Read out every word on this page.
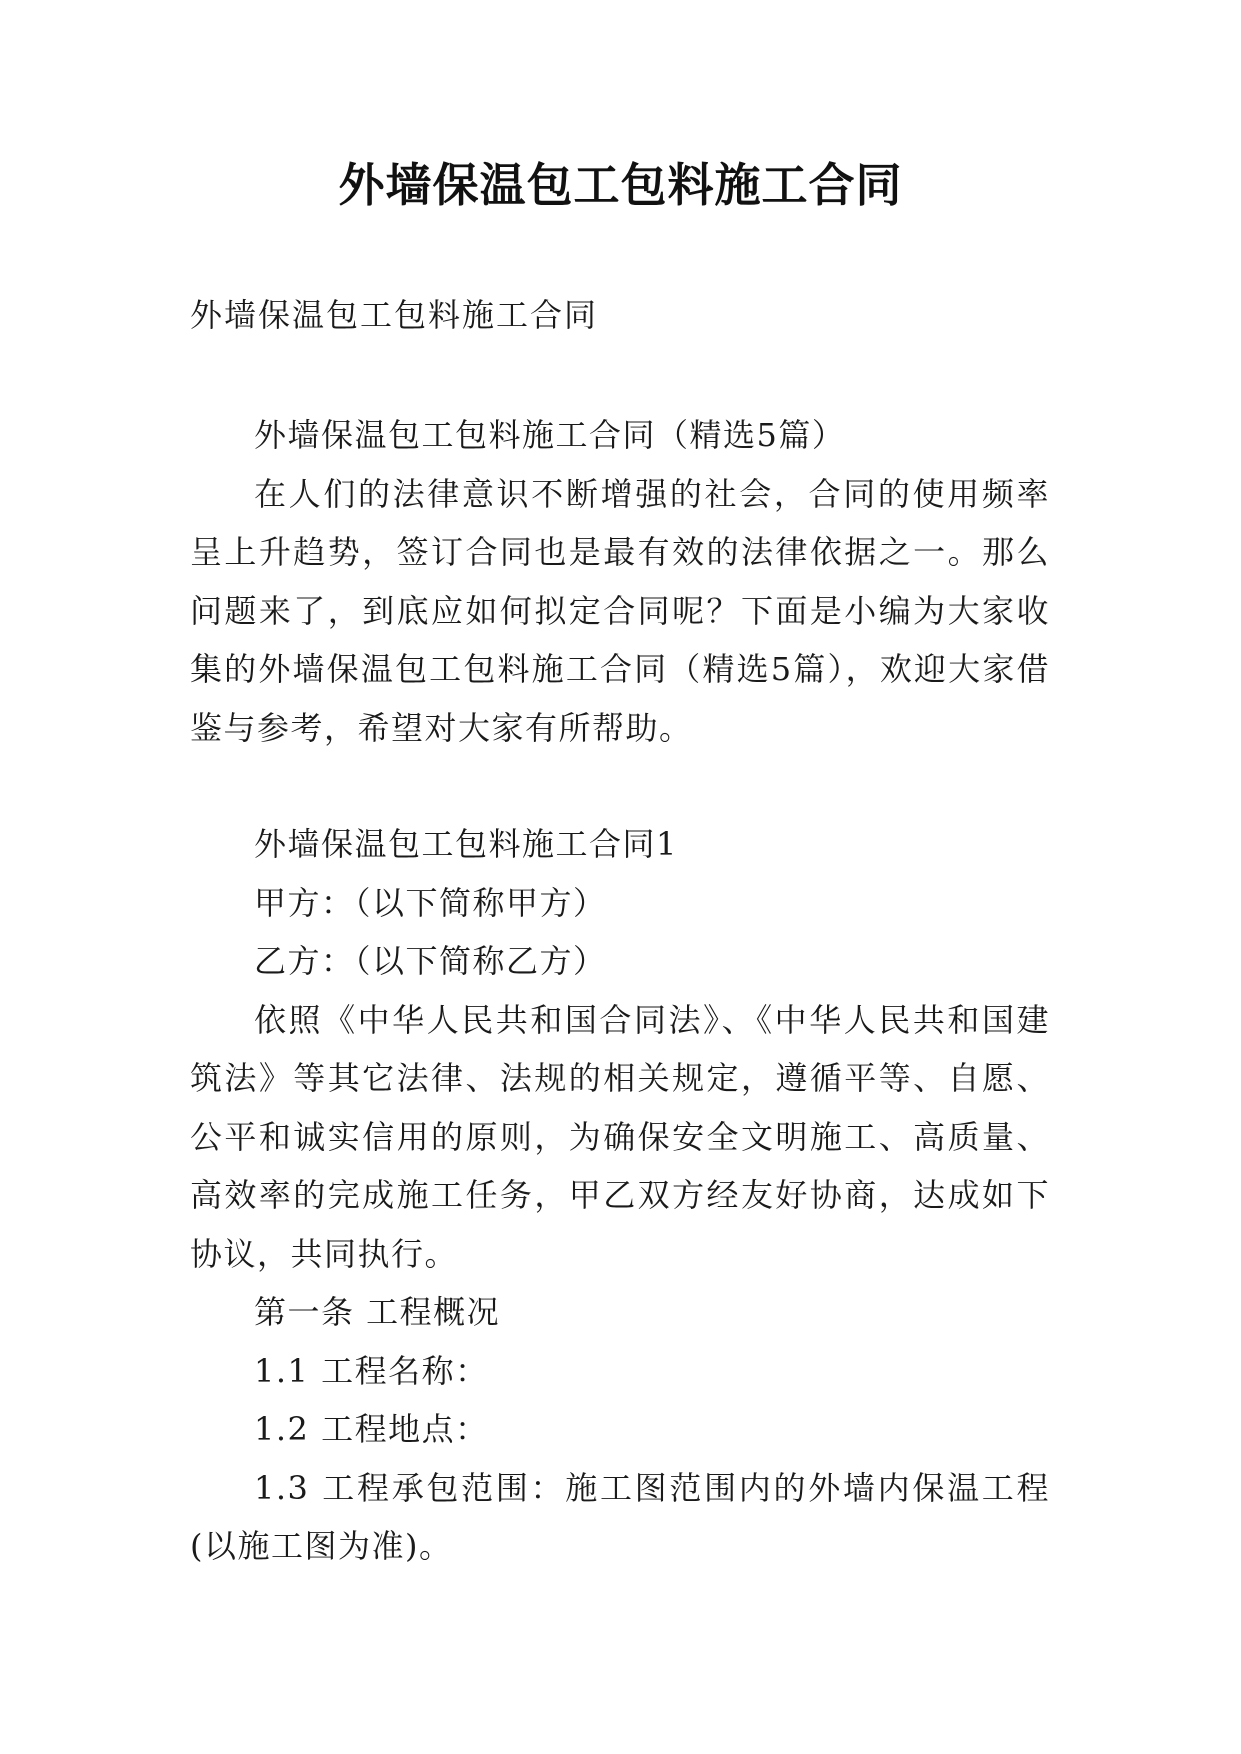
外墙保温包工包料施工合同
外墙保温包工包料施工合同

外墙保温包工包料施工合同（精选5篇）

在人们的法律意识不断增强的社会，合同的使用频率呈上升趋势，签订合同也是最有效的法律依据之一。那么问题来了，到底应如何拟定合同呢？下面是小编为大家收集的外墙保温包工包料施工合同（精选5篇），欢迎大家借鉴与参考，希望对大家有所帮助。

外墙保温包工包料施工合同1

甲方：（以下简称甲方）

乙方：（以下简称乙方）

依照《中华人民共和国合同法》、《中华人民共和国建筑法》等其它法律、法规的相关规定，遵循平等、自愿、公平和诚实信用的原则，为确保安全文明施工、高质量、高效率的完成施工任务，甲乙双方经友好协商，达成如下协议，共同执行。

第一条 工程概况

1.1 工程名称：

1.2 工程地点：

1.3 工程承包范围：施工图范围内的外墙内保温工程(以施工图为准)。
